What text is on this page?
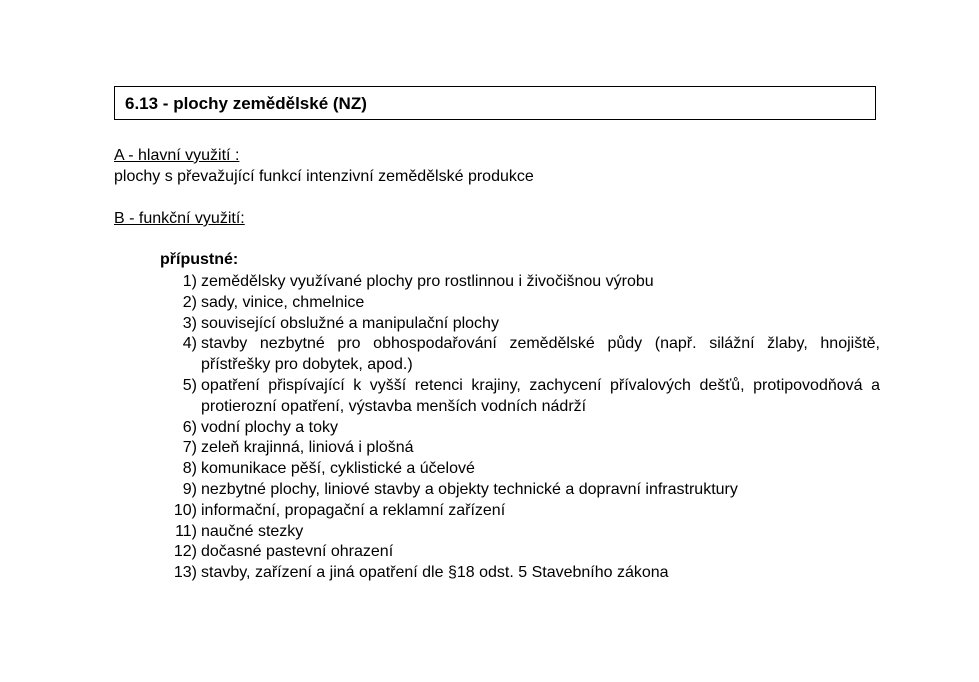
6.13 - plochy zemědělské (NZ)
A - hlavní využití :
plochy s převažující funkcí intenzivní zemědělské produkce
B - funkční využití:
přípustné:
1) zemědělsky využívané plochy pro rostlinnou i živočišnou výrobu
2) sady, vinice, chmelnice
3) související obslužné a manipulační plochy
4) stavby nezbytné pro obhospodařování zemědělské půdy (např. silážní žlaby, hnojiště, přístřešky pro dobytek, apod.)
5) opatření přispívající k vyšší retenci krajiny, zachycení přívalových dešťů, protipovodňová a protierozní opatření, výstavba menších vodních nádrží
6) vodní plochy a toky
7) zeleň krajinná, liniová i plošná
8) komunikace pěší, cyklistické a účelové
9) nezbytné plochy, liniové stavby a objekty technické a dopravní infrastruktury
10) informační, propagační a reklamní zařízení
11) naučné stezky
12) dočasné pastevní ohrazení
13) stavby, zařízení a jiná opatření dle §18 odst. 5 Stavebního zákona
